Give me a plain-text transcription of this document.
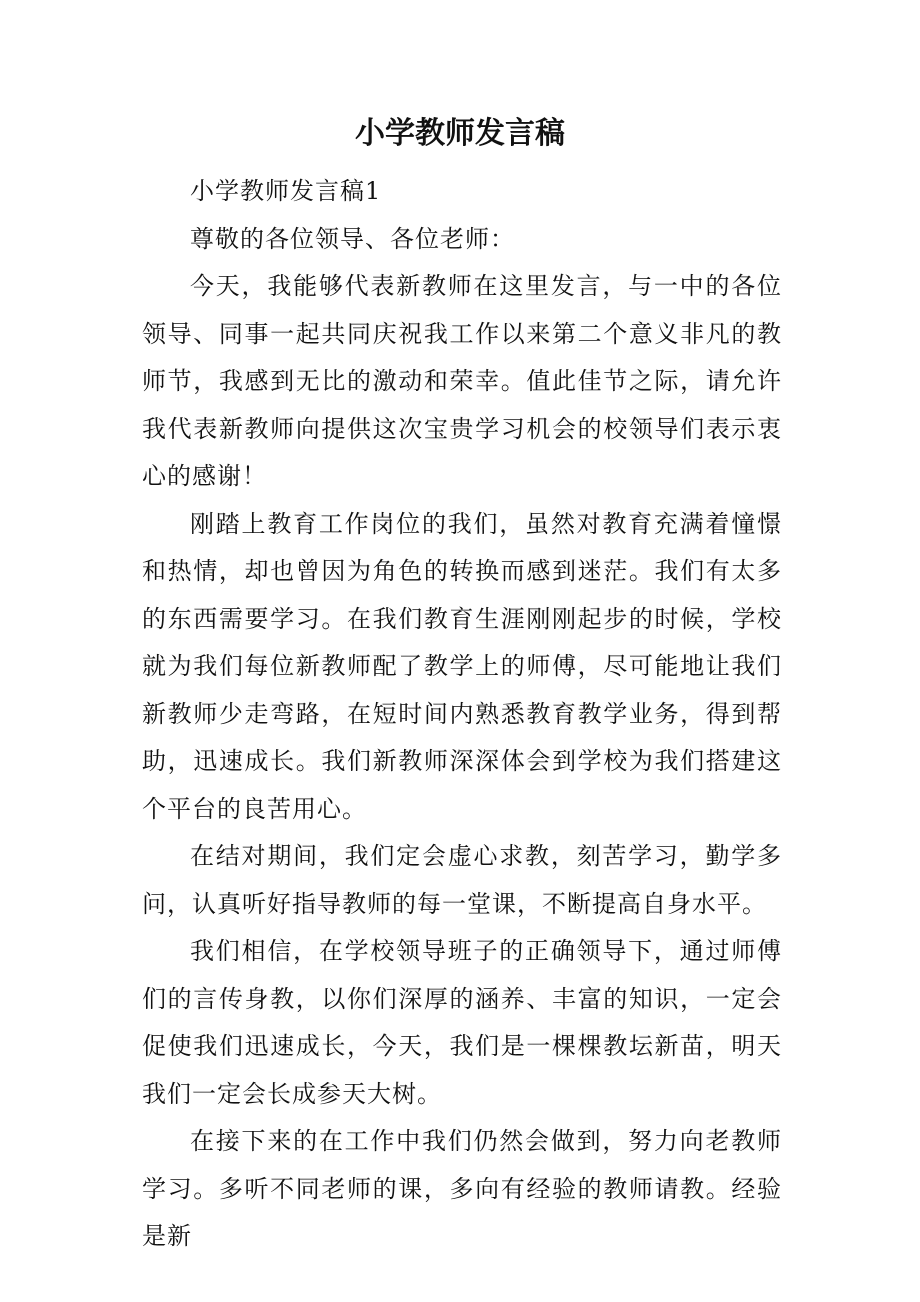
小学教师发言稿

小学教师发言稿1

尊敬的各位领导、各位老师：

今天，我能够代表新教师在这里发言，与一中的各位领导、同事一起共同庆祝我工作以来第二个意义非凡的教师节，我感到无比的激动和荣幸。值此佳节之际，请允许我代表新教师向提供这次宝贵学习机会的校领导们表示衷心的感谢！

刚踏上教育工作岗位的我们，虽然对教育充满着憧憬和热情，却也曾因为角色的转换而感到迷茫。我们有太多的东西需要学习。在我们教育生涯刚刚起步的时候，学校就为我们每位新教师配了教学上的师傅，尽可能地让我们新教师少走弯路，在短时间内熟悉教育教学业务，得到帮助，迅速成长。我们新教师深深体会到学校为我们搭建这个平台的良苦用心。

在结对期间，我们定会虚心求教，刻苦学习，勤学多问，认真听好指导教师的每一堂课，不断提高自身水平。

我们相信，在学校领导班子的正确领导下，通过师傅们的言传身教，以你们深厚的涵养、丰富的知识，一定会促使我们迅速成长，今天，我们是一棵棵教坛新苗，明天我们一定会长成参天大树。

在接下来的在工作中我们仍然会做到，努力向老教师学习。多听不同老师的课，多向有经验的教师请教。经验是新
